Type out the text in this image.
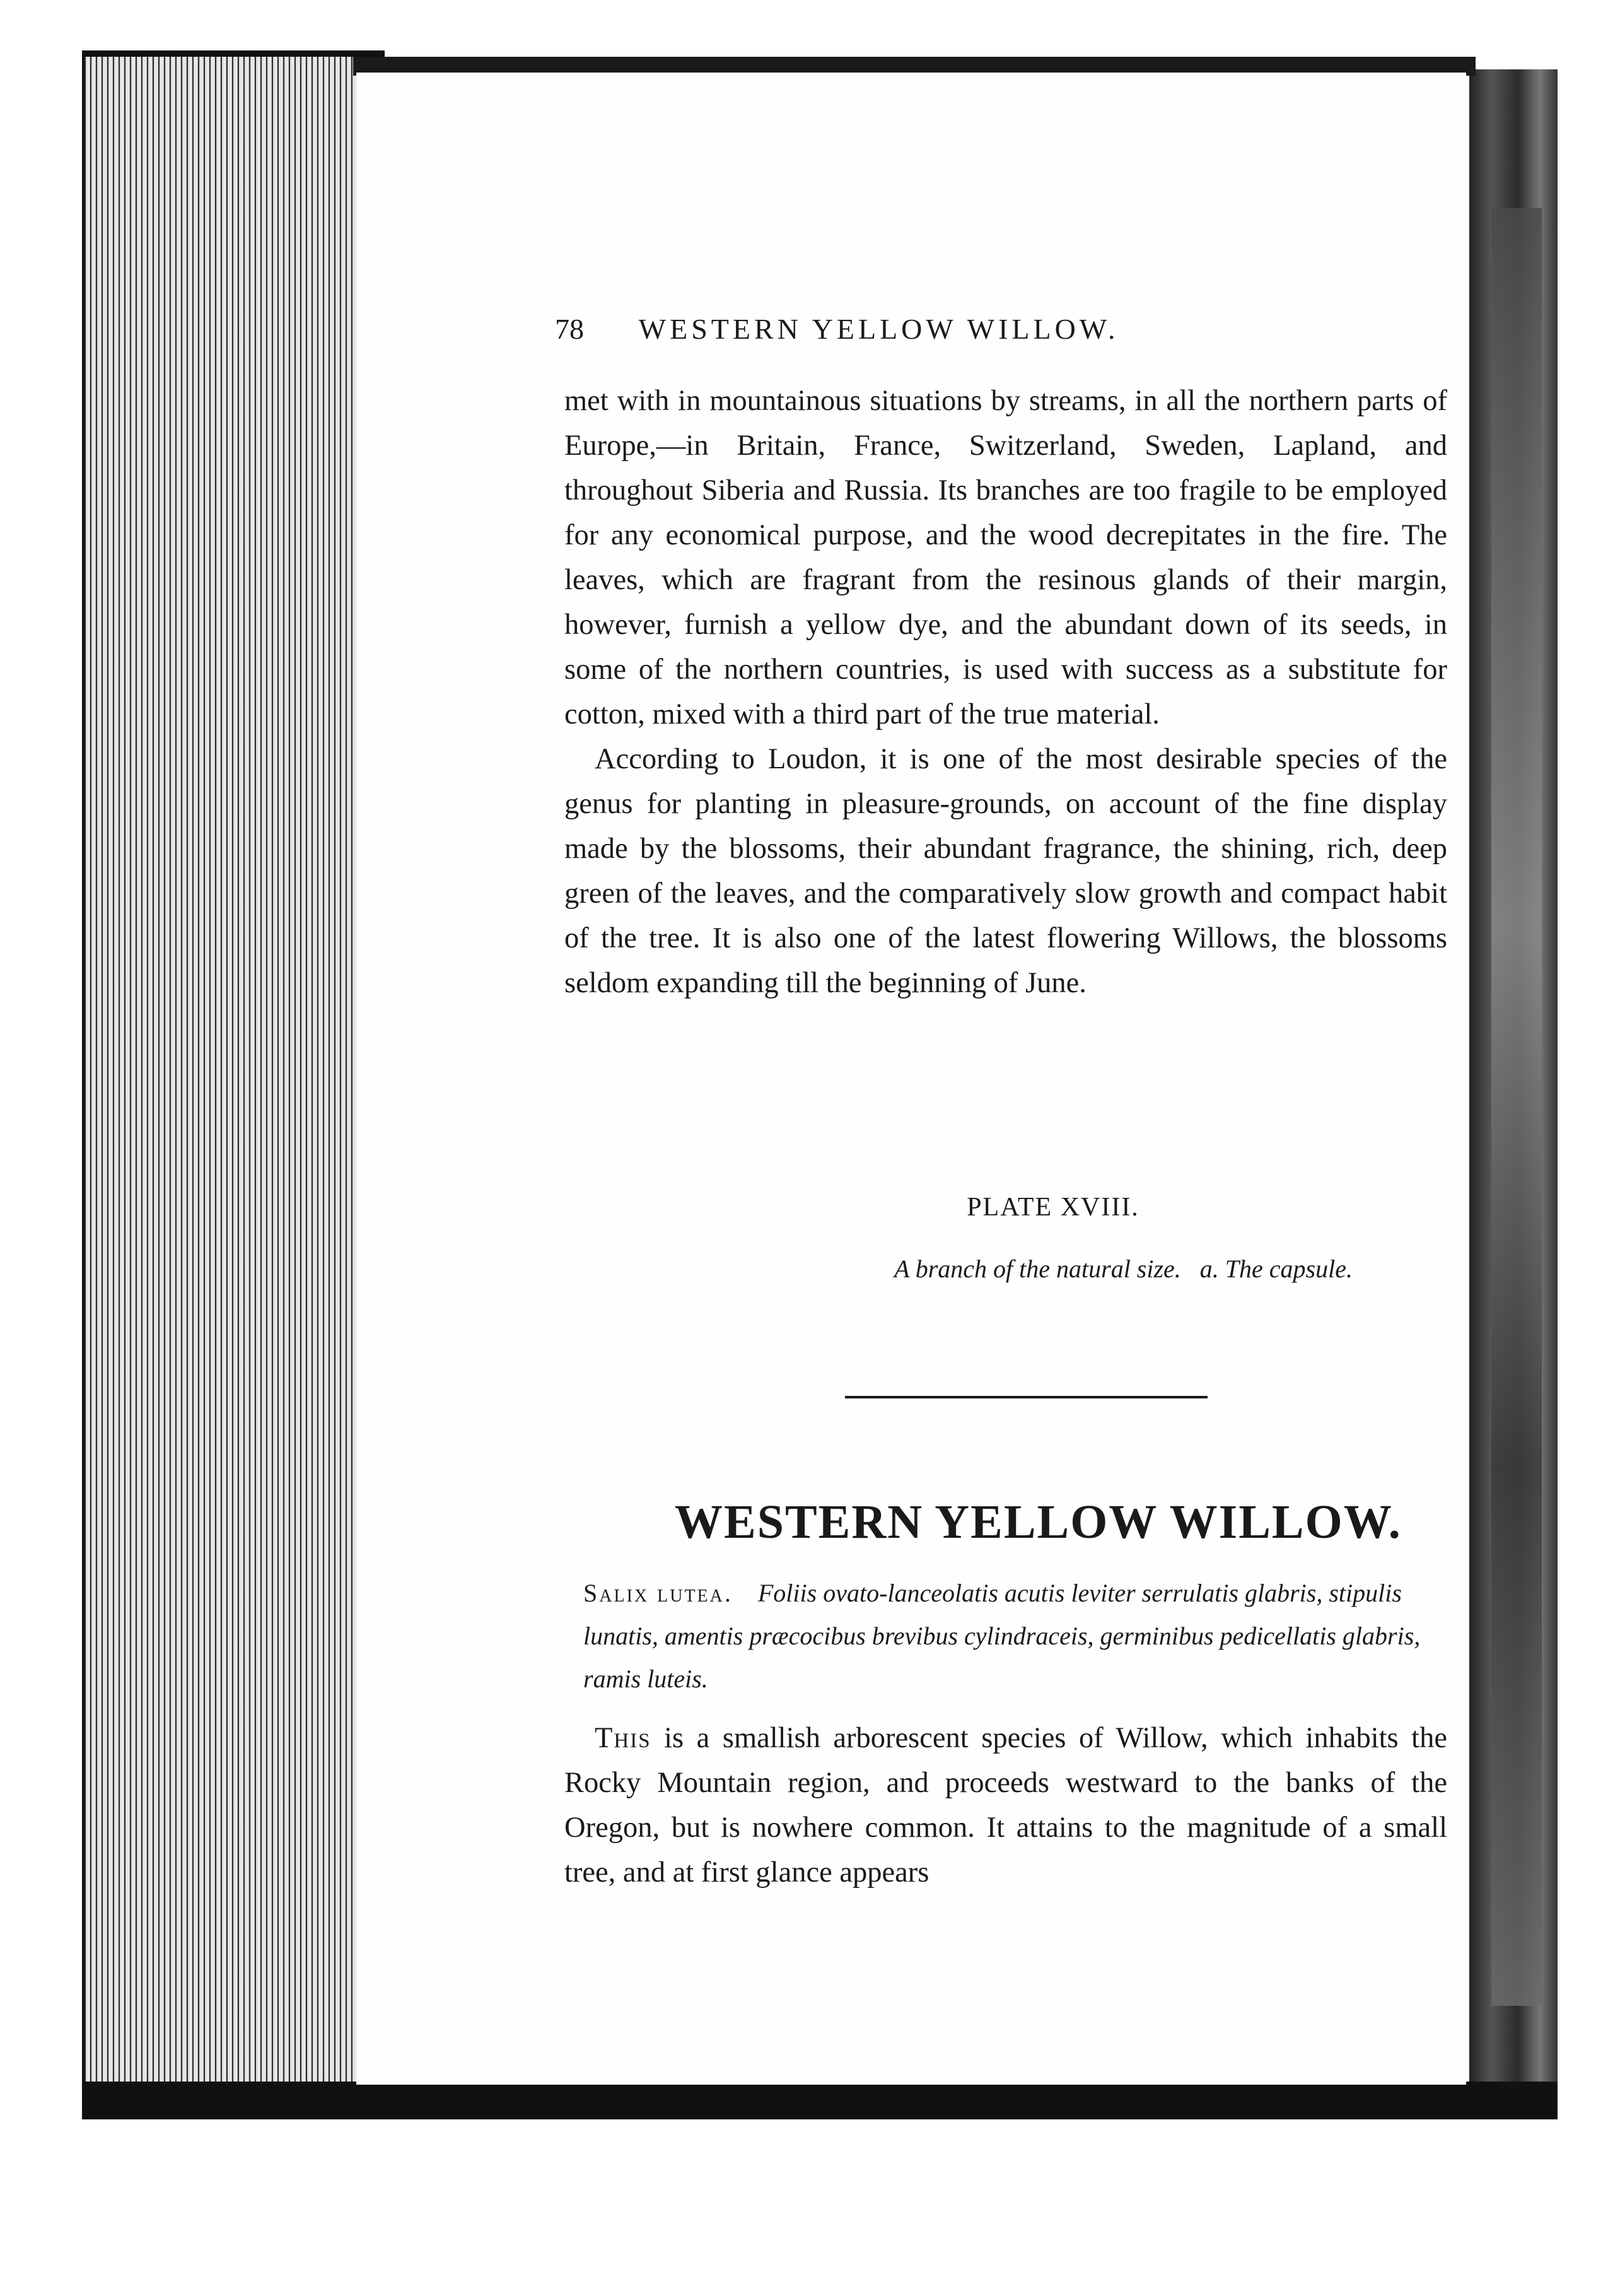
78 WESTERN YELLOW WILLOW.

met with in mountainous situations by streams, in all the northern parts of Europe,—in Britain, France, Switzerland, Sweden, Lapland, and throughout Siberia and Russia. Its branches are too fragile to be employed for any economical purpose, and the wood decrepitates in the fire. The leaves, which are fragrant from the resinous glands of their margin, however, furnish a yellow dye, and the abundant down of its seeds, in some of the northern countries, is used with success as a substitute for cotton, mixed with a third part of the true material.

According to Loudon, it is one of the most desirable species of the genus for planting in pleasure-grounds, on account of the fine display made by the blossoms, their abundant fragrance, the shining, rich, deep green of the leaves, and the comparatively slow growth and compact habit of the tree. It is also one of the latest flowering Willows, the blossoms seldom expanding till the beginning of June.

PLATE XVIII.
A branch of the natural size.   a. The capsule.
WESTERN YELLOW WILLOW.
Salix lutea. Foliis ovato-lanceolatis acutis leviter serrulatis glabris, stipulis lunatis, amentis præcocibus brevibus cylindraceis, germinibus pedicellatis glabris, ramis luteis.

This is a smallish arborescent species of Willow, which inhabits the Rocky Mountain region, and proceeds westward to the banks of the Oregon, but is nowhere common. It attains to the magnitude of a small tree, and at first glance appears
